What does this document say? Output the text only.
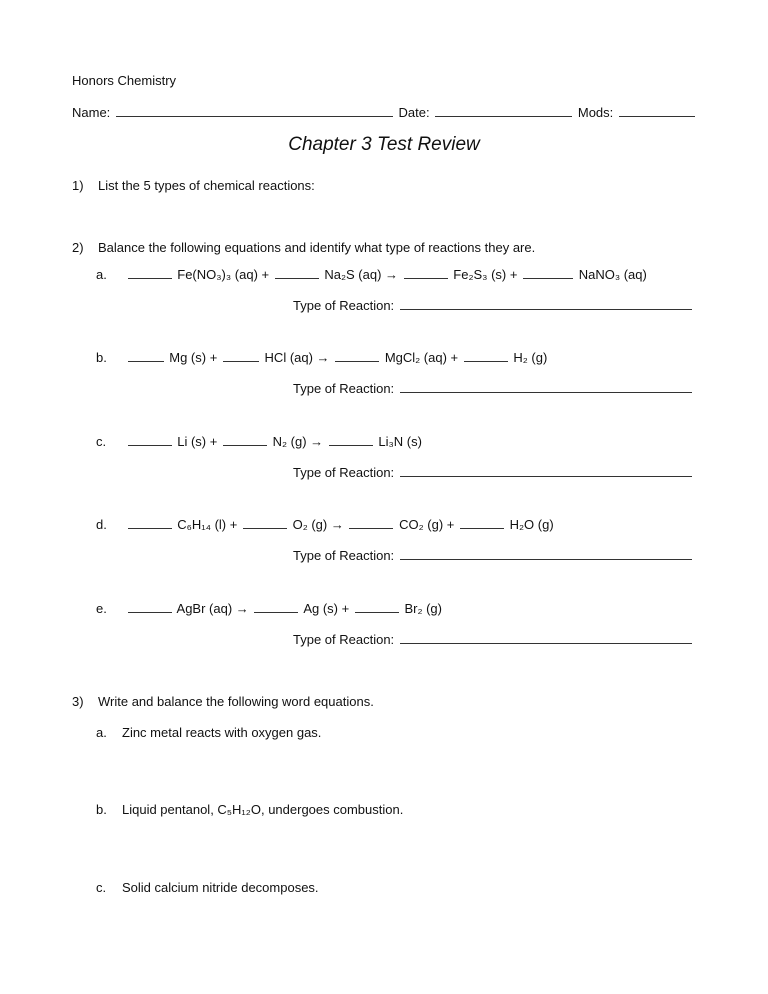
Honors Chemistry
Name:	Date:	Mods:
Chapter 3 Test Review
1) List the 5 types of chemical reactions:
2) Balance the following equations and identify what type of reactions they are.
a.	Fe(NO₃)₃ (aq) +	Na₂S (aq) →	Fe₂S₃ (s) +	NaNO₃ (aq)
Type of Reaction:
b.	Mg (s) +	HCl (aq) →	MgCl₂ (aq) +	H₂ (g)
Type of Reaction:
c.	Li (s) +	N₂ (g) →	Li₃N (s)
Type of Reaction:
d.	C₆H₁₄ (l) +	O₂ (g) →	CO₂ (g) +	H₂O (g)
Type of Reaction:
e.	AgBr (aq) →	Ag (s) +	Br₂ (g)
Type of Reaction:
3) Write and balance the following word equations.
a. Zinc metal reacts with oxygen gas.
b. Liquid pentanol, C₅H₁₂O, undergoes combustion.
c. Solid calcium nitride decomposes.
